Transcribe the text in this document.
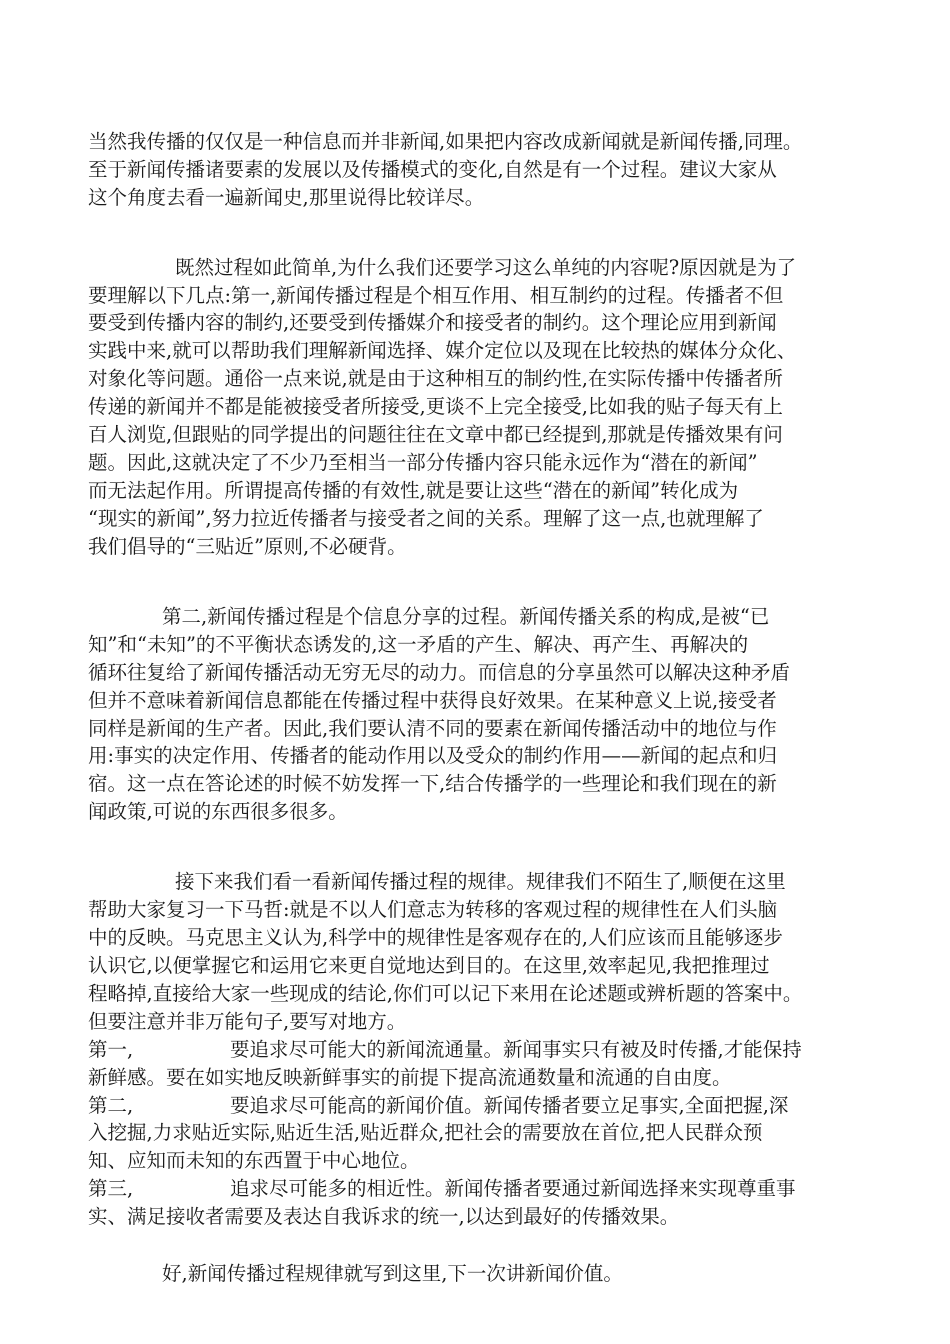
当然我传播的仅仅是一种信息而并非新闻,如果把内容改成新闻就是新闻传播,同理。
至于新闻传播诸要素的发展以及传播模式的变化,自然是有一个过程。建议大家从
这个角度去看一遍新闻史,那里说得比较详尽。
既然过程如此简单,为什么我们还要学习这么单纯的内容呢?原因就是为了
要理解以下几点:第一,新闻传播过程是个相互作用、相互制约的过程。传播者不但
要受到传播内容的制约,还要受到传播媒介和接受者的制约。这个理论应用到新闻
实践中来,就可以帮助我们理解新闻选择、媒介定位以及现在比较热的媒体分众化、
对象化等问题。通俗一点来说,就是由于这种相互的制约性,在实际传播中传播者所
传递的新闻并不都是能被接受者所接受,更谈不上完全接受,比如我的贴子每天有上
百人浏览,但跟贴的同学提出的问题往往在文章中都已经提到,那就是传播效果有问
题。因此,这就决定了不少乃至相当一部分传播内容只能永远作为“潜在的新闻”
而无法起作用。所谓提高传播的有效性,就是要让这些“潜在的新闻”转化成为
“现实的新闻”,努力拉近传播者与接受者之间的关系。理解了这一点,也就理解了
我们倡导的“三贴近”原则,不必硬背。
第二,新闻传播过程是个信息分享的过程。新闻传播关系的构成,是被“已
知”和“未知”的不平衡状态诱发的,这一矛盾的产生、解决、再产生、再解决的
循环往复给了新闻传播活动无穷无尽的动力。而信息的分享虽然可以解决这种矛盾
但并不意味着新闻信息都能在传播过程中获得良好效果。在某种意义上说,接受者
同样是新闻的生产者。因此,我们要认清不同的要素在新闻传播活动中的地位与作
用:事实的决定作用、传播者的能动作用以及受众的制约作用——新闻的起点和归
宿。这一点在答论述的时候不妨发挥一下,结合传播学的一些理论和我们现在的新
闻政策,可说的东西很多很多。
接下来我们看一看新闻传播过程的规律。规律我们不陌生了,顺便在这里
帮助大家复习一下马哲:就是不以人们意志为转移的客观过程的规律性在人们头脑
中的反映。马克思主义认为,科学中的规律性是客观存在的,人们应该而且能够逐步
认识它,以便掌握它和运用它来更自觉地达到目的。在这里,效率起见,我把推理过
程略掉,直接给大家一些现成的结论,你们可以记下来用在论述题或辨析题的答案中。
但要注意并非万能句子,要写对地方。
第一,	要追求尽可能大的新闻流通量。新闻事实只有被及时传播,才能保持
新鲜感。要在如实地反映新鲜事实的前提下提高流通数量和流通的自由度。
第二,	要追求尽可能高的新闻价值。新闻传播者要立足事实,全面把握,深
入挖掘,力求贴近实际,贴近生活,贴近群众,把社会的需要放在首位,把人民群众预
知、应知而未知的东西置于中心地位。
第三,	追求尽可能多的相近性。新闻传播者要通过新闻选择来实现尊重事
实、满足接收者需要及表达自我诉求的统一,以达到最好的传播效果。
好,新闻传播过程规律就写到这里,下一次讲新闻价值。
